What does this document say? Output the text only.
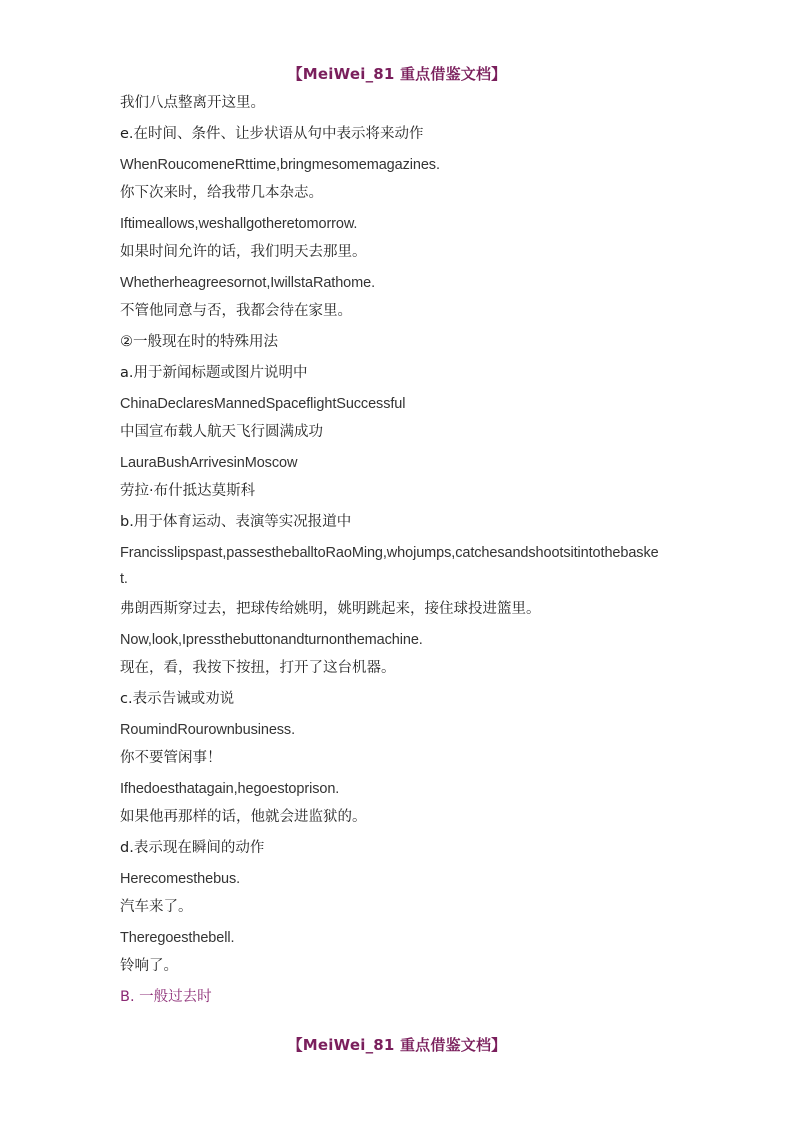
【MeiWei_81 重点借鉴文档】

我们八点整离开这里。

e.在时间、条件、让步状语从句中表示将来动作

WhenRoucomeneRttime,bringmesomemagazines.

你下次来时，给我带几本杂志。

Iftimeallows,weshallgotheretomorrow.

如果时间允许的话，我们明天去那里。

Whetherheagreesornot,IwillstaRathome.

不管他同意与否，我都会待在家里。

②一般现在时的特殊用法

a.用于新闻标题或图片说明中

ChinaDeclaresMannedSpaceflightSuccessful

中国宣布载人航天飞行圆满成功

LauraBushArrivesinMoscow

劳拉·布什抵达莫斯科

b.用于体育运动、表演等实况报道中

Francisslipspast,passestheballtoRaoMing,whojumps,catchesandshootsitintothebasket.

弗朗西斯穿过去，把球传给姚明，姚明跳起来，接住球投进篮里。

Now,look,Ipressthebuttonandturnonthemachine.

现在，看，我按下按扭，打开了这台机器。

c.表示告诫或劝说

RoumindRourownbusiness.

你不要管闲事！

Ifhedoesthatagain,hegoestoprison.

如果他再那样的话，他就会进监狱的。

d.表示现在瞬间的动作

Herecomesthebus.

汽车来了。

Theregoesthebell.

铃响了。

B. 一般过去时

【MeiWei_81 重点借鉴文档】
